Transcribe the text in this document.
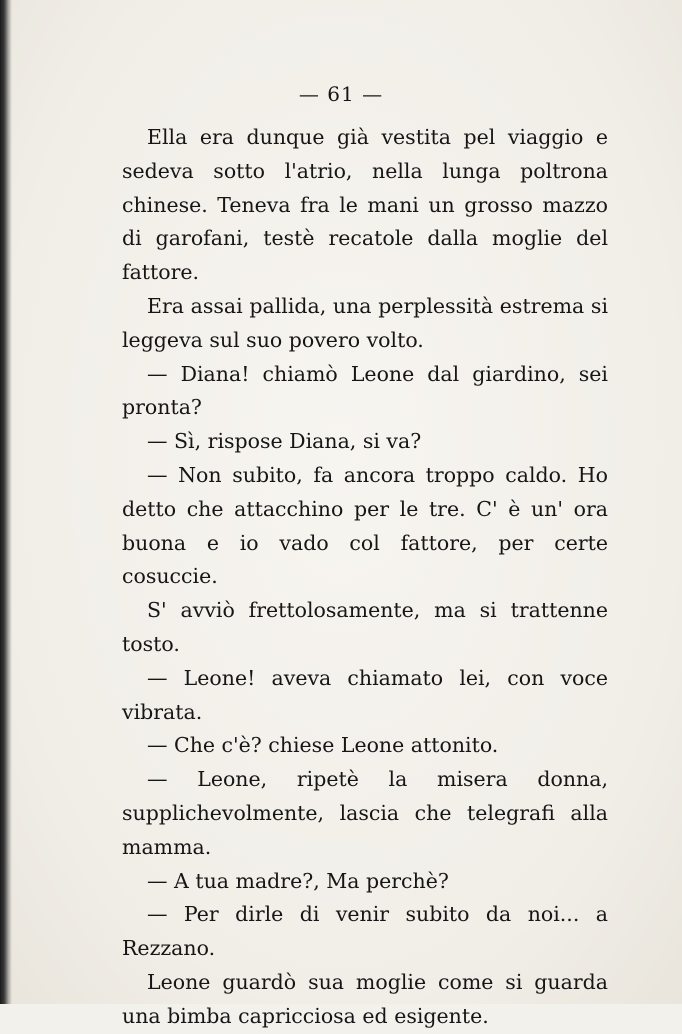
— 61 —

Ella era dunque già vestita pel viaggio e sedeva sotto l'atrio, nella lunga poltrona chinese. Teneva fra le mani un grosso mazzo di garofani, testè recatole dalla moglie del fattore.

Era assai pallida, una perplessità estrema si leggeva sul suo povero volto.

— Diana! chiamò Leone dal giardino, sei pronta?

— Sì, rispose Diana, si va?

— Non subito, fa ancora troppo caldo. Ho detto che attacchino per le tre. C' è un' ora buona e io vado col fattore, per certe cosuccie.

S' avviò frettolosamente, ma si trattenne tosto.

— Leone! aveva chiamato lei, con voce vibrata.

— Che c'è? chiese Leone attonito.

— Leone, ripetè la misera donna, supplichevolmente, lascia che telegrafi alla mamma.

— A tua madre?, Ma perchè?

— Per dirle di venir subito da noi... a Rezzano.

Leone guardò sua moglie come si guarda una bimba capricciosa ed esigente.
